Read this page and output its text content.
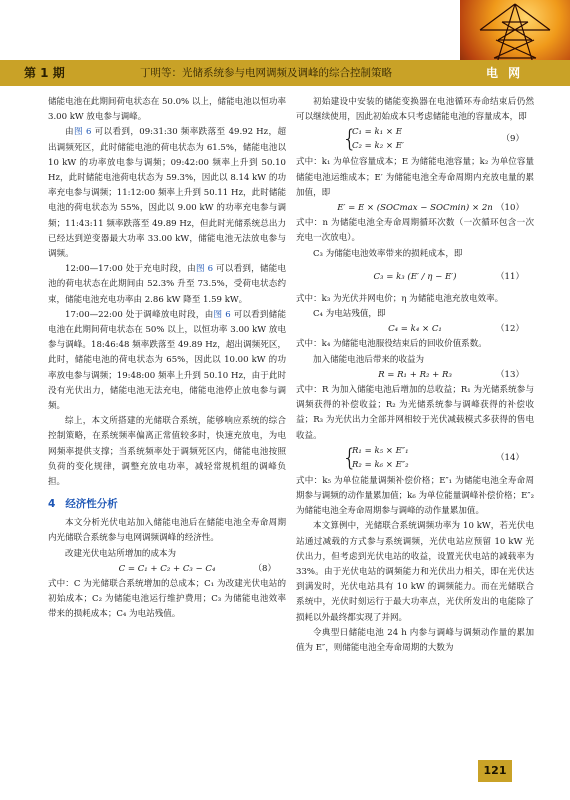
第 1 期	丁明等：光储系统参与电网调频及调峰的综合控制策略	电 网

储能电池在此期间荷电状态在 50.0% 以上，储能电池以恒功率 3.00 kW 放电参与调峰。

由图 6 可以看到，09:31:30 频率跌落至 49.92 Hz，超出调频死区，此时储能电池的荷电状态为 61.5%，储能电池以 10 kW 的功率放电参与调频；09:42:00 频率上升到 50.10 Hz，此时储能电池荷电状态为 59.3%，因此以 8.14 kW 的功率充电参与调频；11:12:00 频率上升到 50.11 Hz，此时储能电池的荷电状态为 55%，因此以 9.00 kW 的功率充电参与调频；11:43:11 频率跌落至 49.89 Hz，但此时光储系统总出力已经达到逆变器最大功率 33.00 kW，储能电池无法放电参与调频。

12:00—17:00 处于充电时段，由图 6 可以看到，储能电池的荷电状态在此期间由 52.3% 升至 73.5%，受荷电状态约束，储能电池充电功率由 2.86 kW 降至 1.59 kW。

17:00—22:00 处于调峰放电时段，由图 6 可以看到储能电池在此期间荷电状态在 50% 以上，以恒功率 3.00 kW 放电参与调峰。18:46:48 频率跌落至 49.89 Hz，超出调频死区，此时，储能电池的荷电状态为 65%，因此以 10.00 kW 的功率放电参与调频；19:48:00 频率上升到 50.10 Hz，由于此时没有光伏出力，储能电池无法充电，储能电池停止放电参与调频。

综上，本文所搭建的光储联合系统，能够响应系统的综合控制策略，在系统频率偏离正常值较多时，快速充放电，为电网频率提供支撑；当系统频率处于调频死区内，储能电池按照负荷的变化规律，调整充放电功率，减轻常规机组的调峰负担。

4 经济性分析

本文分析光伏电站加入储能电池后在储能电池全寿命周期内光储联合系统参与电网调频调峰的经济性。

改建光伏电站所增加的成本为

C = C₁ + C₂ + C₃ − C₄	（8）

式中：C 为光储联合系统增加的总成本；C₁ 为改建光伏电站的初始成本；C₂ 为储能电池运行维护费用；C₃ 为储能电池效率带来的损耗成本；C₄ 为电站残值。

初始建设中安装的储能变换器在电池循环寿命结束后仍然可以继续使用，因此初始成本只考虑储能电池的容量成本，即

{
C₁ = k₁ × E
C₂ = k₂ × E′
（9）

式中：k₁ 为单位容量成本；E 为储能电池容量；k₂ 为单位容量储能电池运维成本；E′ 为储能电池全寿命周期内充放电量的累加值，即

E′ = E × (SOCmax − SOCmin) × 2n （10）

式中：n 为储能电池全寿命周期循环次数（一次循环包含一次充电一次放电）。

C₃ 为储能电池效率带来的损耗成本，即

C₃ = k₃ (E′ / η − E′)	（11）

式中：k₃ 为光伏并网电价；η 为储能电池充放电效率。

C₄ 为电站残值，即

C₄ = k₄ × C₁	（12）

式中：k₄ 为储能电池服役结束后的回收价值系数。

加入储能电池后带来的收益为

R = R₁ + R₂ + R₃	（13）

式中：R 为加入储能电池后增加的总收益；R₁ 为光储系统参与调频获得的补偿收益；R₂ 为光储系统参与调峰获得的补偿收益；R₃ 为光伏出力全部并网相较于光伏减载模式多获得的售电收益。

{
R₁ = k₅ × E″₁
R₂ = k₆ × E″₂
（14）

式中：k₅ 为单位能量调频补偿价格；E″₁ 为储能电池全寿命周期参与调频的动作量累加值；k₆ 为单位能量调峰补偿价格；E″₂ 为储能电池全寿命周期参与调峰的动作量累加值。

本文算例中，光储联合系统调频功率为 10 kW，若光伏电站通过减载的方式参与系统调频，光伏电站应预留 10 kW 光伏出力，但考虑到光伏电站的收益，设置光伏电站的减载率为 33%。由于光伏电站的调频能力和光伏出力相关，即在光伏达到满发时，光伏电站具有 10 kW 的调频能力。而在光储联合系统中，光伏时刻运行于最大功率点，光伏所发出的电能除了损耗以外最终都实现了并网。

令典型日储能电池 24 h 内参与调峰与调频动作量的累加值为 E″，则储能电池全寿命周期的大数为

121
